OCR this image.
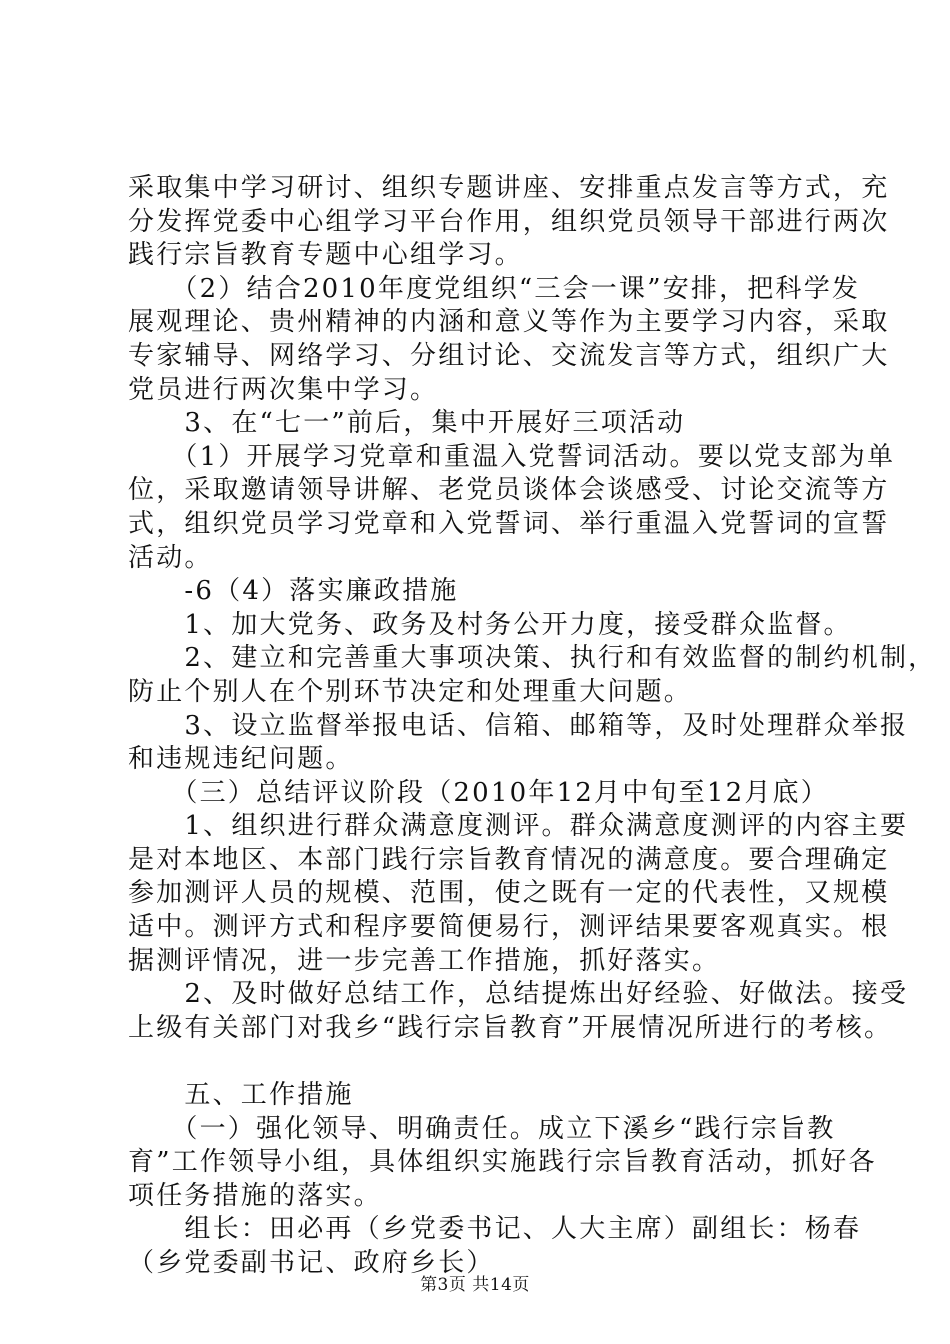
采取集中学习研讨、组织专题讲座、安排重点发言等方式，充
分发挥党委中心组学习平台作用，组织党员领导干部进行两次
践行宗旨教育专题中心组学习。
　　（2）结合2010年度党组织“三会一课”安排，把科学发
展观理论、贵州精神的内涵和意义等作为主要学习内容，采取
专家辅导、网络学习、分组讨论、交流发言等方式，组织广大
党员进行两次集中学习。
　　3、在“七一”前后，集中开展好三项活动
　　（1）开展学习党章和重温入党誓词活动。要以党支部为单
位，采取邀请领导讲解、老党员谈体会谈感受、讨论交流等方
式，组织党员学习党章和入党誓词、举行重温入党誓词的宣誓
活动。
　　-6（4）落实廉政措施
　　1、加大党务、政务及村务公开力度，接受群众监督。
　　2、建立和完善重大事项决策、执行和有效监督的制约机制，
防止个别人在个别环节决定和处理重大问题。
　　3、设立监督举报电话、信箱、邮箱等，及时处理群众举报
和违规违纪问题。
　　（三）总结评议阶段（2010年12月中旬至12月底）
　　1、组织进行群众满意度测评。群众满意度测评的内容主要
是对本地区、本部门践行宗旨教育情况的满意度。要合理确定
参加测评人员的规模、范围，使之既有一定的代表性，又规模
适中。测评方式和程序要简便易行，测评结果要客观真实。根
据测评情况，进一步完善工作措施，抓好落实。
　　2、及时做好总结工作，总结提炼出好经验、好做法。接受
上级有关部门对我乡“践行宗旨教育”开展情况所进行的考核。
　　五、工作措施
　　（一）强化领导、明确责任。成立下溪乡“践行宗旨教
育”工作领导小组，具体组织实施践行宗旨教育活动，抓好各
项任务措施的落实。
　　组长：田必再（乡党委书记、人大主席）副组长：杨春
（乡党委副书记、政府乡长）
第3页 共14页
